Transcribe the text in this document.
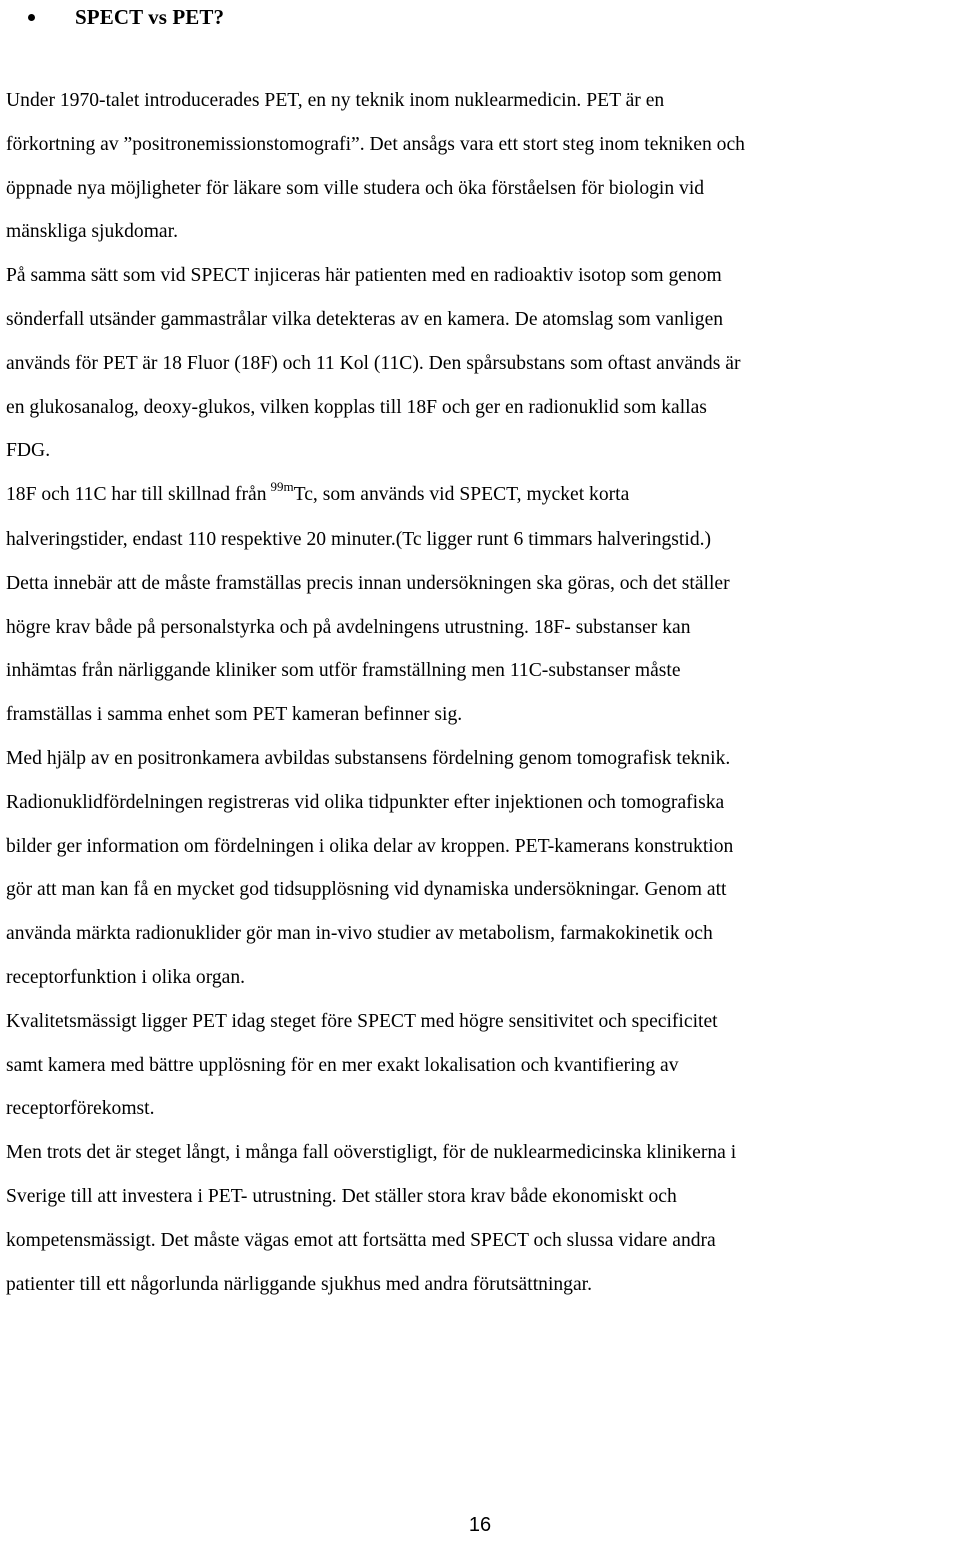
SPECT vs PET?

Under 1970-talet introducerades PET, en ny teknik inom nuklearmedicin. PET är en
förkortning av ”positronemissionstomografi”. Det ansågs vara ett stort steg inom tekniken och
öppnade nya möjligheter för läkare som ville studera och öka förståelsen för biologin vid
mänskliga sjukdomar.

På samma sätt som vid SPECT injiceras här patienten med en radioaktiv isotop som genom
sönderfall utsänder gammastrålar vilka detekteras av en kamera. De atomslag som vanligen
används för PET är 18 Fluor (18F) och 11 Kol (11C). Den spårsubstans som oftast används är
en glukosanalog, deoxy-glukos, vilken kopplas till 18F och ger en radionuklid som kallas
FDG.

18F och 11C har till skillnad från $^{99m}$Tc, som används vid SPECT, mycket korta
halveringstider, endast 110 respektive 20 minuter.(Tc ligger runt 6 timmars halveringstid.)
Detta innebär att de måste framställas precis innan undersökningen ska göras, och det ställer
högre krav både på personalstyrka och på avdelningens utrustning. 18F- substanser kan
inhämtas från närliggande kliniker som utför framställning men 11C-substanser måste
framställas i samma enhet som PET kameran befinner sig.

Med hjälp av en positronkamera avbildas substansens fördelning genom tomografisk teknik.
Radionuklidfördelningen registreras vid olika tidpunkter efter injektionen och tomografiska
bilder ger information om fördelningen i olika delar av kroppen. PET-kamerans konstruktion
gör att man kan få en mycket god tidsupplösning vid dynamiska undersökningar. Genom att
använda märkta radionuklider gör man in-vivo studier av metabolism, farmakokinetik och
receptorfunktion i olika organ.

Kvalitetsmässigt ligger PET idag steget före SPECT med högre sensitivitet och specificitet
samt kamera med bättre upplösning för en mer exakt lokalisation och kvantifiering av
receptorförekomst.

Men trots det är steget långt, i många fall oöverstigligt, för de nuklearmedicinska klinikerna i
Sverige till att investera i PET- utrustning. Det ställer stora krav både ekonomiskt och
kompetensmässigt. Det måste vägas emot att fortsätta med SPECT och slussa vidare andra
patienter till ett någorlunda närliggande sjukhus med andra förutsättningar.

16
